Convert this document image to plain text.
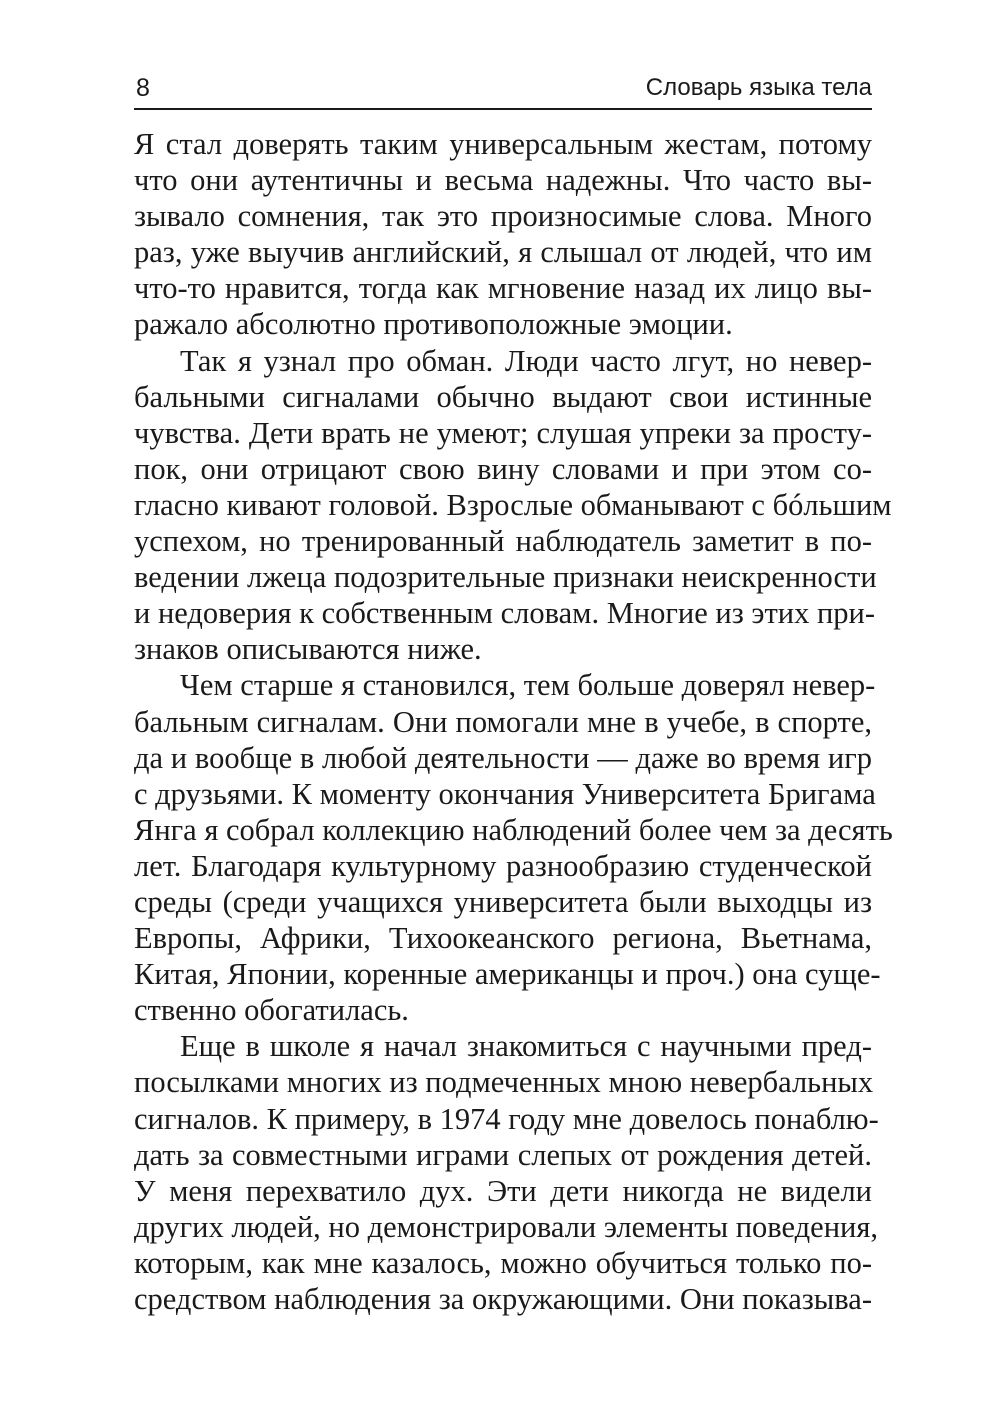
8	Словарь языка тела
Я стал доверять таким универсальным жестам, потому
что они аутентичны и весьма надежны. Что часто вы-
зывало сомнения, так это произносимые слова. Много
раз, уже выучив английский, я слышал от людей, что им
что-то нравится, тогда как мгновение назад их лицо вы-
ражало абсолютно противоположные эмоции.
Так я узнал про обман. Люди часто лгут, но невер-
бальными сигналами обычно выдают свои истинные
чувства. Дети врать не умеют; слушая упреки за просту-
пок, они отрицают свою вину словами и при этом со-
гласно кивают головой. Взрослые обманывают с бóльшим
успехом, но тренированный наблюдатель заметит в по-
ведении лжеца подозрительные признаки неискренности
и недоверия к собственным словам. Многие из этих при-
знаков описываются ниже.
Чем старше я становился, тем больше доверял невер-
бальным сигналам. Они помогали мне в учебе, в спорте,
да и вообще в любой деятельности — даже во время игр
с друзьями. К моменту окончания Университета Бригама
Янга я собрал коллекцию наблюдений более чем за десять
лет. Благодаря культурному разнообразию студенческой
среды (среди учащихся университета были выходцы из
Европы, Африки, Тихоокеанского региона, Вьетнама,
Китая, Японии, коренные американцы и проч.) она суще-
ственно обогатилась.
Еще в школе я начал знакомиться с научными пред-
посылками многих из подмеченных мною невербальных
сигналов. К примеру, в 1974 году мне довелось понаблю-
дать за совместными играми слепых от рождения детей.
У меня перехватило дух. Эти дети никогда не видели
других людей, но демонстрировали элементы поведения,
которым, как мне казалось, можно обучиться только по-
средством наблюдения за окружающими. Они показыва-
